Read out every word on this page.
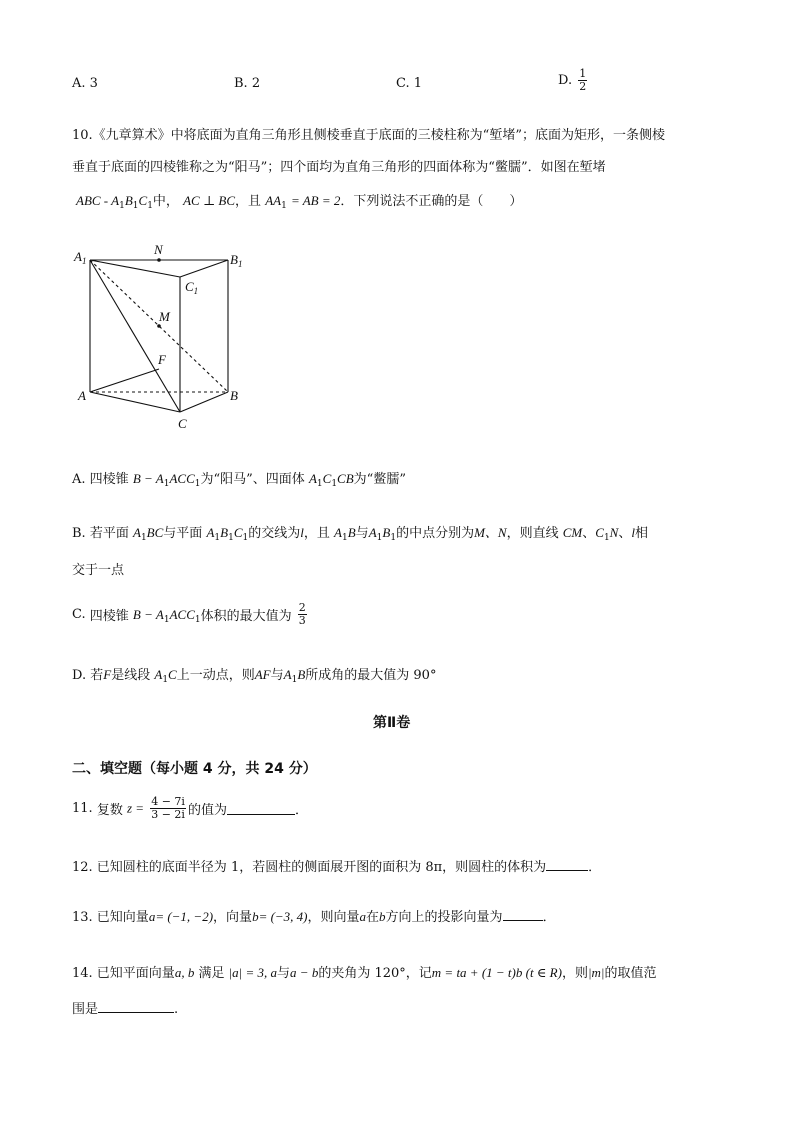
A. 3	B. 2	C. 1	D. $\frac{1}{2}$
10.《九章算术》中将底面为直角三角形且侧棱垂直于底面的三棱柱称为“堑堵”；底面为矩形，一条侧棱
垂直于底面的四棱锥称之为“阳马”；四个面均为直角三角形的四面体称为“鳖臑”．如图在堑堵
ABC - $A_1B_1C_1$中， AC ⊥ BC，且 $AA_1$ = AB = 2．下列说法不正确的是（　　）
$A_1$
N
$B_1$
$C_1$
M
F
A	B
C
A. 四棱锥 $B - A_1ACC_1$为“阳马”、四面体 $A_1C_1CB$为“鳖臑”
B. 若平面 $A_1BC$与平面 $A_1B_1C_1$的交线为l，且 $A_1B$与$A_1B_1$的中点分别为M、N，则直线 CM、$C_1N$、l相
交于一点
C. 四棱锥 $B - A_1ACC_1$体积的最大值为 $\frac{2}{3}$
D. 若F是线段 $A_1C$上一动点，则AF与$A_1B$所成角的最大值为 90°
第Ⅱ卷
二、填空题（每小题 4 分，共 24 分）
11. 复数 $z = \frac{4 - 7i}{3 - 2i}$ 的值为	．
12. 已知圆柱的底面半径为 1，若圆柱的侧面展开图的面积为 8π，则圆柱的体积为	．
13. 已知向量a= (−1, −2)，向量b= (−3, 4)，则向量a在b方向上的投影向量为	．
14. 已知平面向量a, b 满足 |a| = 3, a与a − b的夹角为 120°，记m = ta + (1 − t)b (t ∈ R)，则|m|的取值范
围是	.
